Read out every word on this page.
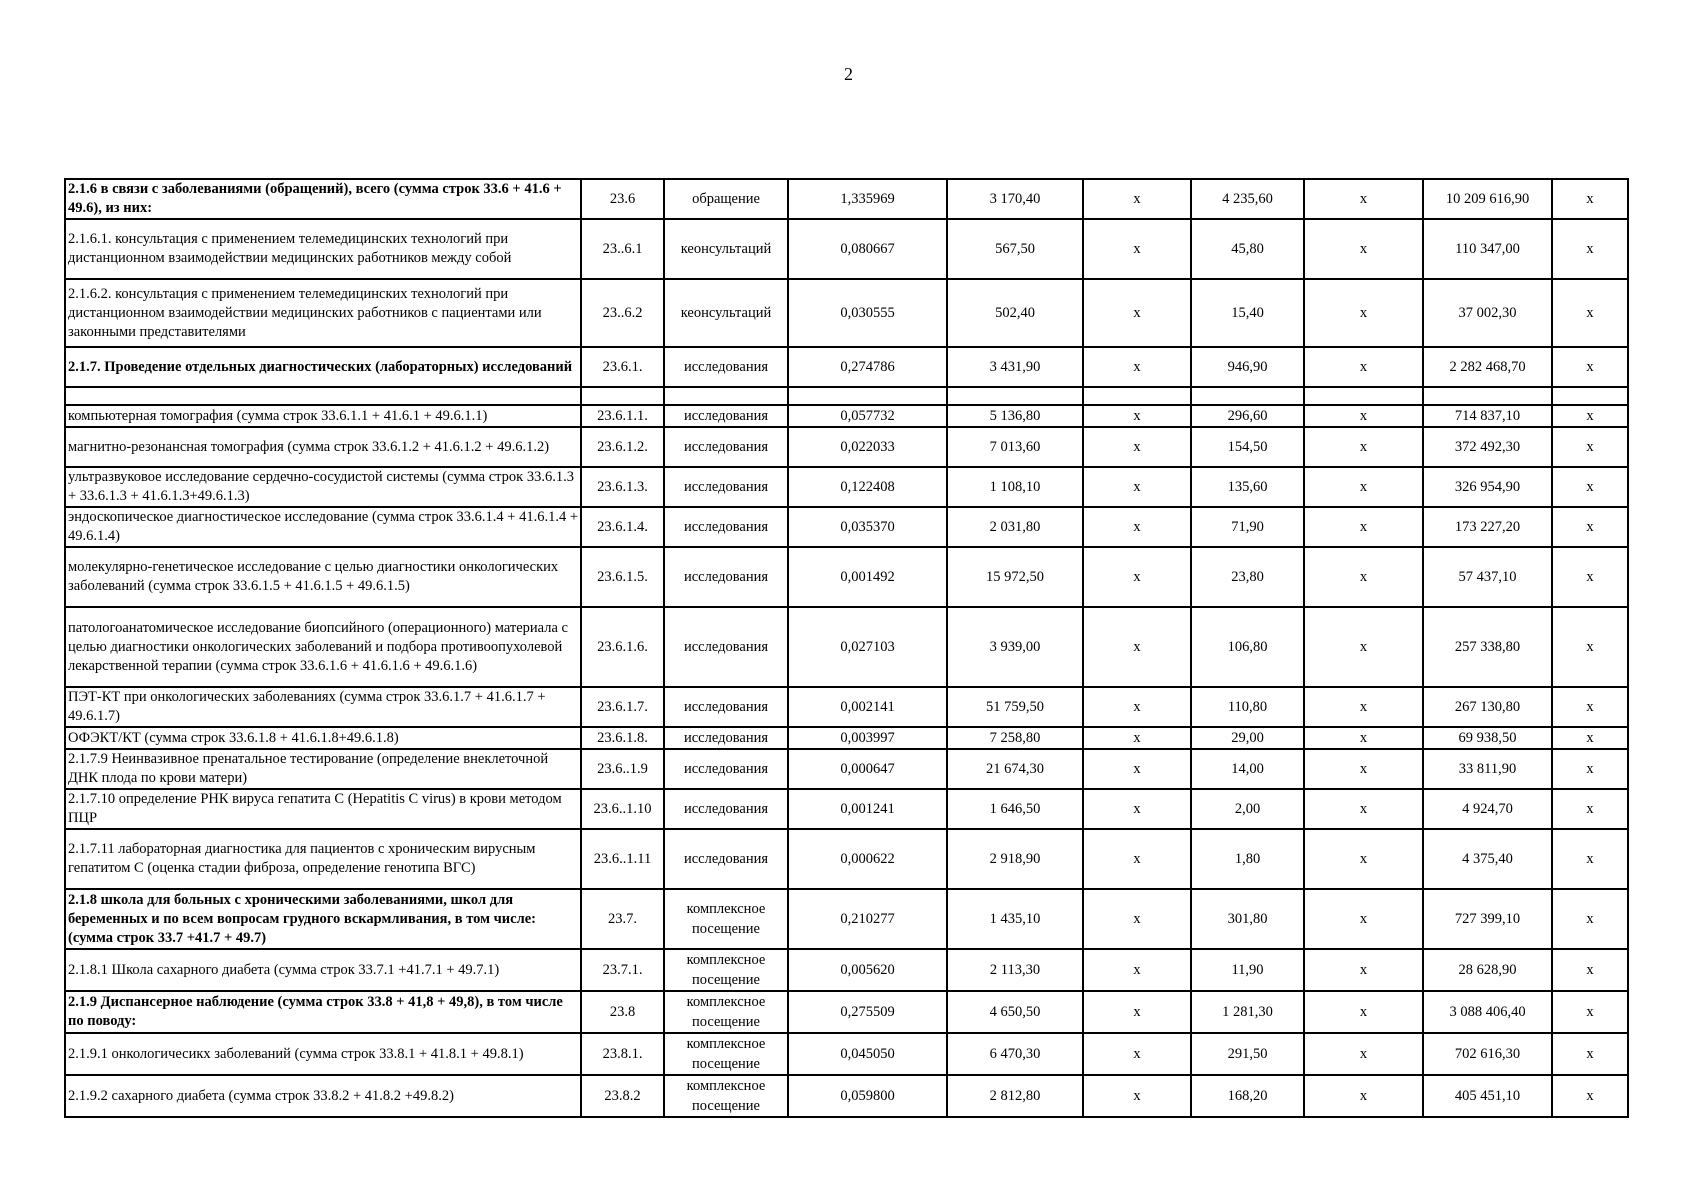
2
2.1.6 в связи с заболеваниями (обращений), всего (сумма строк 33.6 + 41.6 + 49.6), из них:	23.6	обращение	1,335969	3 170,40	х	4 235,60	х	10 209 616,90	х
2.1.6.1. консультация с применением телемедицинских технологий при дистанционном взаимодействии медицинских работников между собой	23..6.1	кеонсультаций	0,080667	567,50	х	45,80	х	110 347,00	х
2.1.6.2. консультация с применением телемедицинских технологий при дистанционном взаимодействии медицинских работников с пациентами или законными представителями	23..6.2	кеонсультаций	0,030555	502,40	х	15,40	х	37 002,30	х
2.1.7. Проведение отдельных диагностических (лабораторных) исследований	23.6.1.	исследования	0,274786	3 431,90	х	946,90	х	2 282 468,70	х

компьютерная томография (сумма строк 33.6.1.1 + 41.6.1 + 49.6.1.1)	23.6.1.1.	исследования	0,057732	5 136,80	х	296,60	х	714 837,10	х
магнитно-резонансная томография (сумма строк 33.6.1.2 + 41.6.1.2 + 49.6.1.2)	23.6.1.2.	исследования	0,022033	7 013,60	х	154,50	х	372 492,30	х
ультразвуковое исследование сердечно-сосудистой системы (сумма строк 33.6.1.3 + 33.6.1.3 + 41.6.1.3+49.6.1.3)	23.6.1.3.	исследования	0,122408	1 108,10	х	135,60	х	326 954,90	х
эндоскопическое диагностическое исследование (сумма строк 33.6.1.4 + 41.6.1.4 + 49.6.1.4)	23.6.1.4.	исследования	0,035370	2 031,80	х	71,90	х	173 227,20	х
молекулярно-генетическое исследование с целью диагностики онкологических заболеваний (сумма строк 33.6.1.5 + 41.6.1.5 + 49.6.1.5)	23.6.1.5.	исследования	0,001492	15 972,50	х	23,80	х	57 437,10	х
патологоанатомическое исследование биопсийного (операционного) материала с целью диагностики онкологических заболеваний и подбора противоопухолевой лекарственной терапии (сумма строк 33.6.1.6 + 41.6.1.6 + 49.6.1.6)	23.6.1.6.	исследования	0,027103	3 939,00	х	106,80	х	257 338,80	х
ПЭТ-КТ при онкологических заболеваниях (сумма строк 33.6.1.7 + 41.6.1.7 + 49.6.1.7)	23.6.1.7.	исследования	0,002141	51 759,50	х	110,80	х	267 130,80	х
ОФЭКТ/КТ (сумма строк 33.6.1.8 + 41.6.1.8+49.6.1.8)	23.6.1.8.	исследования	0,003997	7 258,80	х	29,00	х	69 938,50	х
2.1.7.9 Неинвазивное пренатальное тестирование (определение внеклеточной ДНК плода по крови матери)	23.6..1.9	исследования	0,000647	21 674,30	х	14,00	х	33 811,90	х
2.1.7.10 определение РНК вируса гепатита С (Hepatitis С virus) в крови методом ПЦР	23.6..1.10	исследования	0,001241	1 646,50	х	2,00	х	4 924,70	х
2.1.7.11 лабораторная диагностика для пациентов с хроническим вирусным гепатитом С (оценка стадии фиброза, определение генотипа ВГС)	23.6..1.11	исследования	0,000622	2 918,90	х	1,80	х	4 375,40	х
2.1.8 школа для больных с хроническими заболеваниями, школ для беременных и по всем вопросам грудного вскармливания, в том числе: (сумма строк 33.7 +41.7 + 49.7)	23.7.	комплексное посещение	0,210277	1 435,10	х	301,80	х	727 399,10	х
2.1.8.1 Школа сахарного диабета (сумма строк 33.7.1 +41.7.1 + 49.7.1)	23.7.1.	комплексное посещение	0,005620	2 113,30	х	11,90	х	28 628,90	х
2.1.9 Диспансерное наблюдение (сумма строк 33.8 + 41,8 + 49,8), в том числе по поводу:	23.8	комплексное посещение	0,275509	4 650,50	х	1 281,30	х	3 088 406,40	х
2.1.9.1 онкологичесикх заболеваний (сумма строк 33.8.1 + 41.8.1 + 49.8.1)	23.8.1.	комплексное посещение	0,045050	6 470,30	х	291,50	х	702 616,30	х
2.1.9.2 сахарного диабета (сумма строк 33.8.2 + 41.8.2 +49.8.2)	23.8.2	комплексное посещение	0,059800	2 812,80	х	168,20	х	405 451,10	х
